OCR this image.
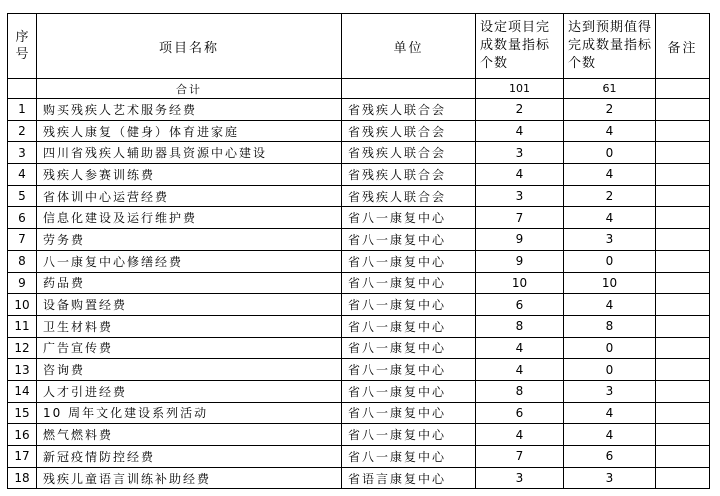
序号	项目名称	单位	设定项目完成数量指标个数	达到预期值得完成数量指标个数	备注
	合计		101	61	
1	购买残疾人艺术服务经费	省残疾人联合会	2	2	
2	残疾人康复（健身）体育进家庭	省残疾人联合会	4	4	
3	四川省残疾人辅助器具资源中心建设	省残疾人联合会	3	0	
4	残疾人参赛训练费	省残疾人联合会	4	4	
5	省体训中心运营经费	省残疾人联合会	3	2	
6	信息化建设及运行维护费	省八一康复中心	7	4	
7	劳务费	省八一康复中心	9	3	
8	八一康复中心修缮经费	省八一康复中心	9	0	
9	药品费	省八一康复中心	10	10	
10	设备购置经费	省八一康复中心	6	4	
11	卫生材料费	省八一康复中心	8	8	
12	广告宣传费	省八一康复中心	4	0	
13	咨询费	省八一康复中心	4	0	
14	人才引进经费	省八一康复中心	8	3	
15	10 周年文化建设系列活动	省八一康复中心	6	4	
16	燃气燃料费	省八一康复中心	4	4	
17	新冠疫情防控经费	省八一康复中心	7	6	
18	残疾儿童语言训练补助经费	省语言康复中心	3	3	
